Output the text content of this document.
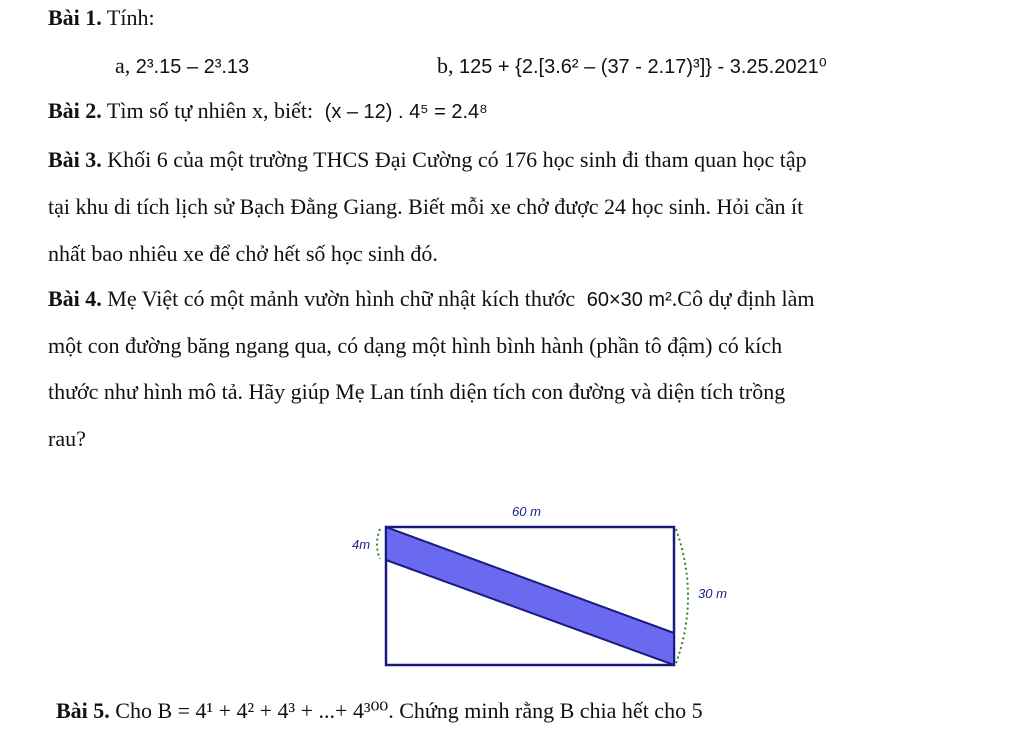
Bài 1. Tính:
a, 2³.15 – 2³.13	b, 125 + {2.[3.6² – (37 - 2.17)³]} - 3.25.2021⁰
Bài 2. Tìm số tự nhiên x, biết: (x – 12) . 4⁵ = 2.4⁸
Bài 3. Khối 6 của một trường THCS Đại Cường có 176 học sinh đi tham quan học tập
tại khu di tích lịch sử Bạch Đằng Giang. Biết mỗi xe chở được 24 học sinh. Hỏi cần ít
nhất bao nhiêu xe để chở hết số học sinh đó.
Bài 4. Mẹ Việt có một mảnh vườn hình chữ nhật kích thước 60×30 m².Cô dự định làm
một con đường băng ngang qua, có dạng một hình bình hành (phần tô đậm) có kích
thước như hình mô tả. Hãy giúp Mẹ Lan tính diện tích con đường và diện tích trồng
rau?
60 m
4m
30 m
Bài 5. Cho B = 4¹ + 4² + 4³ + ...+ 4³⁰⁰. Chứng minh rằng B chia hết cho 5
